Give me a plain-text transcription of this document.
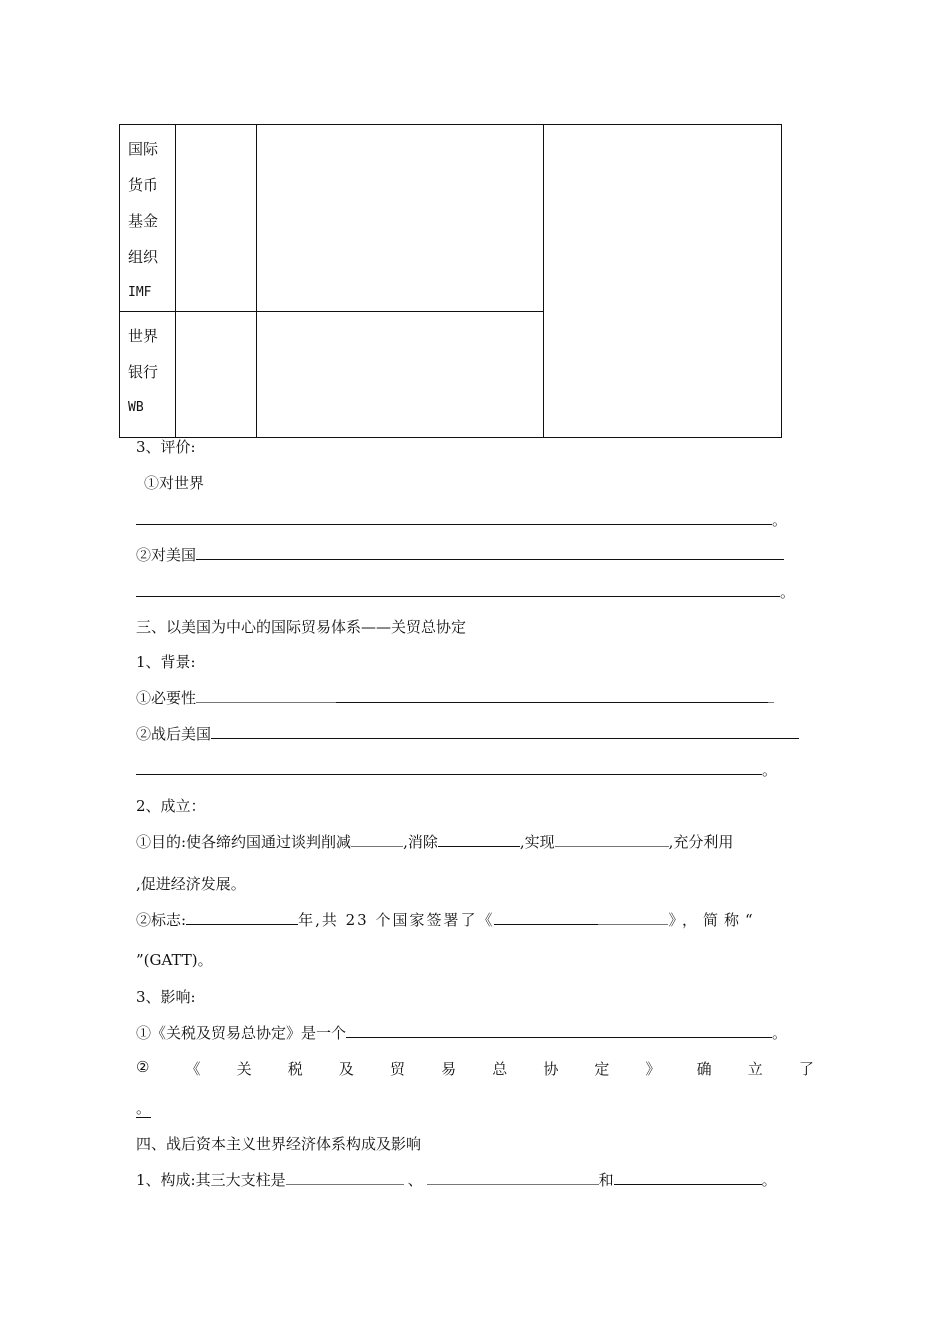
国际
货币
基金
组织
IMF			

世界
银行
WB			

3、评价:
①对世界
。
②对美国
。
三、以美国为中心的国际贸易体系——关贸总协定
1、背景:
①必要性
②战后美国
。
2、成立：
①目的:使各缔约国通过谈判削减	,消除	,实现	,充分利用
,促进经济发展。
②标志:	年,共 23 个国家签署了《	》，简称“
”(GATT)。
3、影响:
①《关税及贸易总协定》是一个	。
② 《 关 税 及 贸 易 总 协 定 》 确 立 了
。
四、战后资本主义世界经济体系构成及影响
1、构成:其三大支柱是	、	和	。
